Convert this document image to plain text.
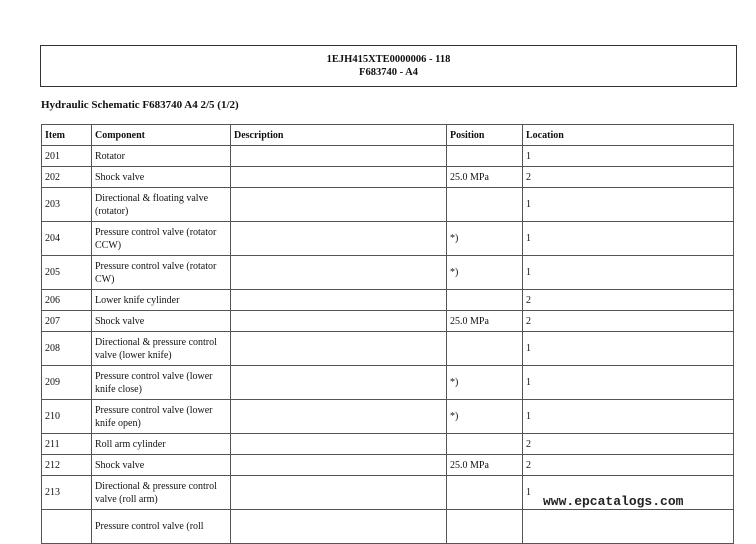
1EJH415XTE0000006 - 118
F683740 - A4
Hydraulic Schematic F683740 A4 2/5 (1/2)
Item	Component	Description	Position	Location
201	Rotator			1
202	Shock valve		25.0 MPa	2
203	Directional & floating valve (rotator)			1
204	Pressure control valve (rotator CCW)		*)	1
205	Pressure control valve (rotator CW)		*)	1
206	Lower knife cylinder			2
207	Shock valve		25.0 MPa	2
208	Directional & pressure control valve (lower knife)			1
209	Pressure control valve (lower knife close)		*)	1
210	Pressure control valve (lower knife open)		*)	1
211	Roll arm cylinder			2
212	Shock valve		25.0 MPa	2
213	Directional & pressure control valve (roll arm)			1
	Pressure control valve (roll			
www.epcatalogs.com
